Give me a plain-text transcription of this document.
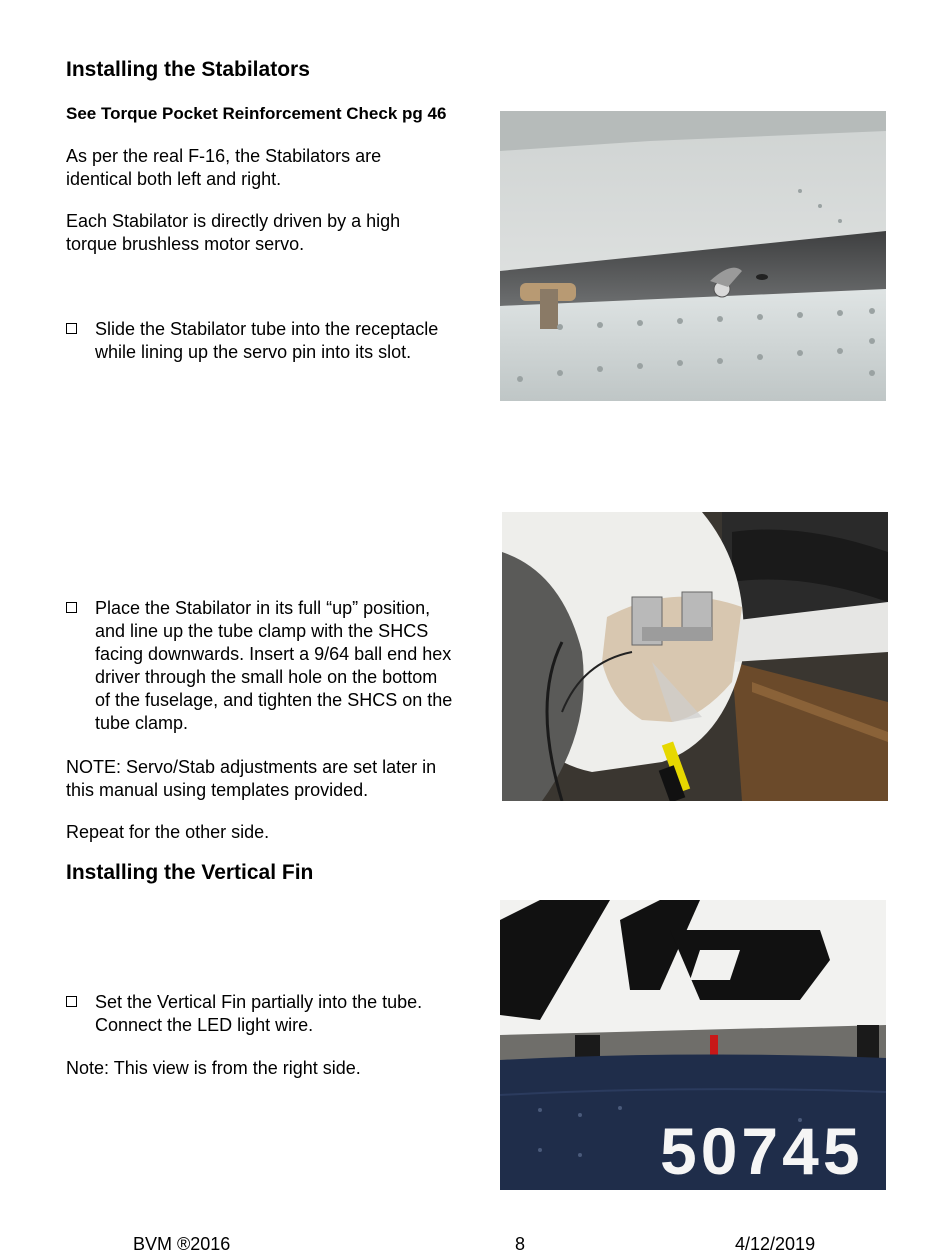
Installing the Stabilators
See Torque Pocket Reinforcement Check pg 46
As per the real F-16, the Stabilators are
identical both left and right.
Each Stabilator is directly driven by a high
torque brushless motor servo.
Slide the Stabilator tube into the receptacle
while lining up the servo pin into its slot.
Place the Stabilator in its full “up” position,
and line up the tube clamp with the SHCS
facing downwards. Insert a 9/64 ball end hex
driver through the small hole on the bottom
of the fuselage, and tighten the SHCS on the
tube clamp.
NOTE: Servo/Stab adjustments are set later in
this manual using templates provided.
Repeat for the other side.
Installing the Vertical Fin
Set the Vertical Fin partially into the tube.
Connect the LED light wire.
Note: This view is from the right side.
50745
BVM ®2016	8	4/12/2019
